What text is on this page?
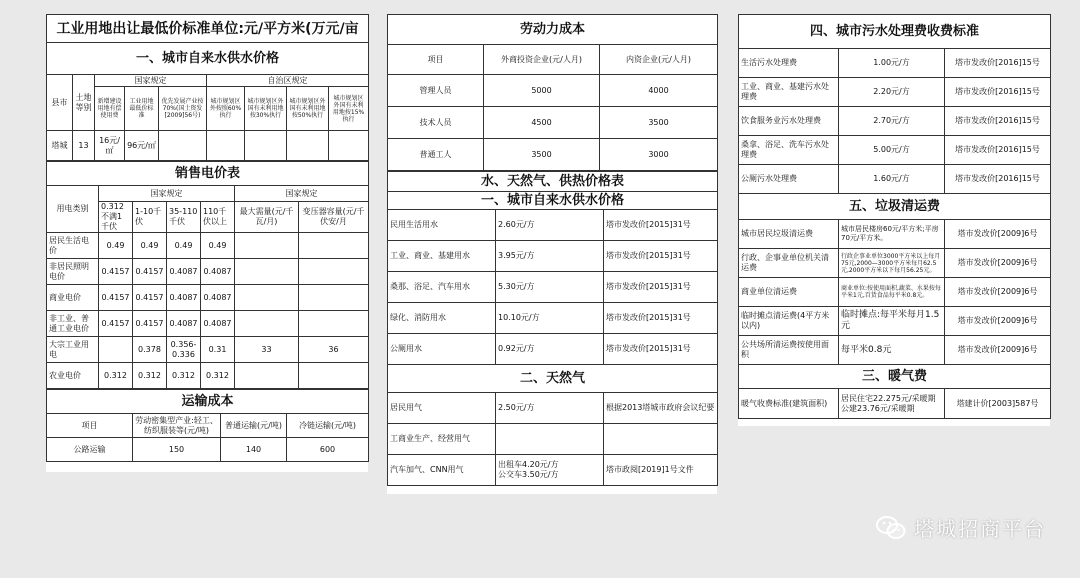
工业用地出让最低价标准单位:元/平方米(万元/亩								
一、城市自来水供水价格								
县市	土地等别	国家规定			自治区规定			
		新增建设用地有偿使用费	工业用地最低价标准	优先发展产业按70%(国土资发[2009]56号)	城市规划区外按照60%执行	城市规划区外国有未利用地按30%执行	城市规划区外国有未利用地按50%执行	城市规划区外国有未利用地按15%执行
塔城	13	16元/㎡	96元/㎡					
销售电价表						
用电类别	国家规定				国家规定	
	0.312不满1千伏	1-10千伏	35-110千伏	110千伏以上	最大需量(元/千瓦/月)	变压器容量(元/千伏安/月
居民生活电价	0.49	0.49	0.49	0.49		
非居民照明电价	0.4157	0.4157	0.4087	0.4087		
商业电价	0.4157	0.4157	0.4087	0.4087		
非工业、普通工业电价	0.4157	0.4157	0.4087	0.4087		
大宗工业用电		0.378	0.356-0.336	0.31	33	36
农业电价	0.312	0.312	0.312	0.312		
运输成本			
项目	劳动密集型产业:轻工、纺织服装等(元/吨)	普通运输(元/吨)	冷链运输(元/吨)
公路运输	150	140	600
劳动力成本		
项目	外商投资企业(元/人月)	内资企业(元/人月)
管理人员	5000	4000
技术人员	4500	3500
普通工人	3500	3000
水、天然气、供热价格表		
一、城市自来水供水价格		
民用生活用水	2.60元/方	塔市发改价[2015]31号
工业、商业、基建用水	3.95元/方	塔市发改价[2015]31号
桑那、浴足、汽车用水	5.30元/方	塔市发改价[2015]31号
绿化、消防用水	10.10元/方	塔市发改价[2015]31号
公厕用水	0.92元/方	塔市发改价[2015]31号
二、天然气		
居民用气	2.50元/方	根据2013塔城市政府会议纪要
工商业生产、经营用气		
汽车加气、CNN用气	出租车4.20元/方
公交车3.50元/方	塔市政阅[2019]1号文件
四、城市污水处理费收费标准		
生活污水处理费	1.00元/方	塔市发改价[2016]15号
工业、商业、基建污水处理费	2.20元/方	塔市发改价[2016]15号
饮食服务业污水处理费	2.70元/方	塔市发改价[2016]15号
桑拿、浴足、洗车污水处理费	5.00元/方	塔市发改价[2016]15号
公厕污水处理费	1.60元/方	塔市发改价[2016]15号
五、垃圾清运费		
城市居民垃圾清运费	城市居民楼房60元/平方米;平房70元/平方米。	塔市发改价[2009]6号
行政、企事业单位机关清运费	行政企事业单位3000平方米以上每月75元,2000—3000平方米每月62.5元,2000平方米以下每月56.25元。	塔市发改价[2009]6号
商业单位清运费	商业单位:按使用面积,蔬菜、水果按每平米1元,百货食品每平米0.8元。	塔市发改价[2009]6号
临时摊点清运费(4平方米以内)	临时摊点:每平米每月1.5元	塔市发改价[2009]6号
公共场所清运费按使用面积	每平米0.8元	塔市发改价[2009]6号
三、暖气费		
暖气收费标准(建筑面积)	居民住宅22.275元/采暖期
公建23.76元/采暖期	塔建计价[2003]587号
塔城招商平台
